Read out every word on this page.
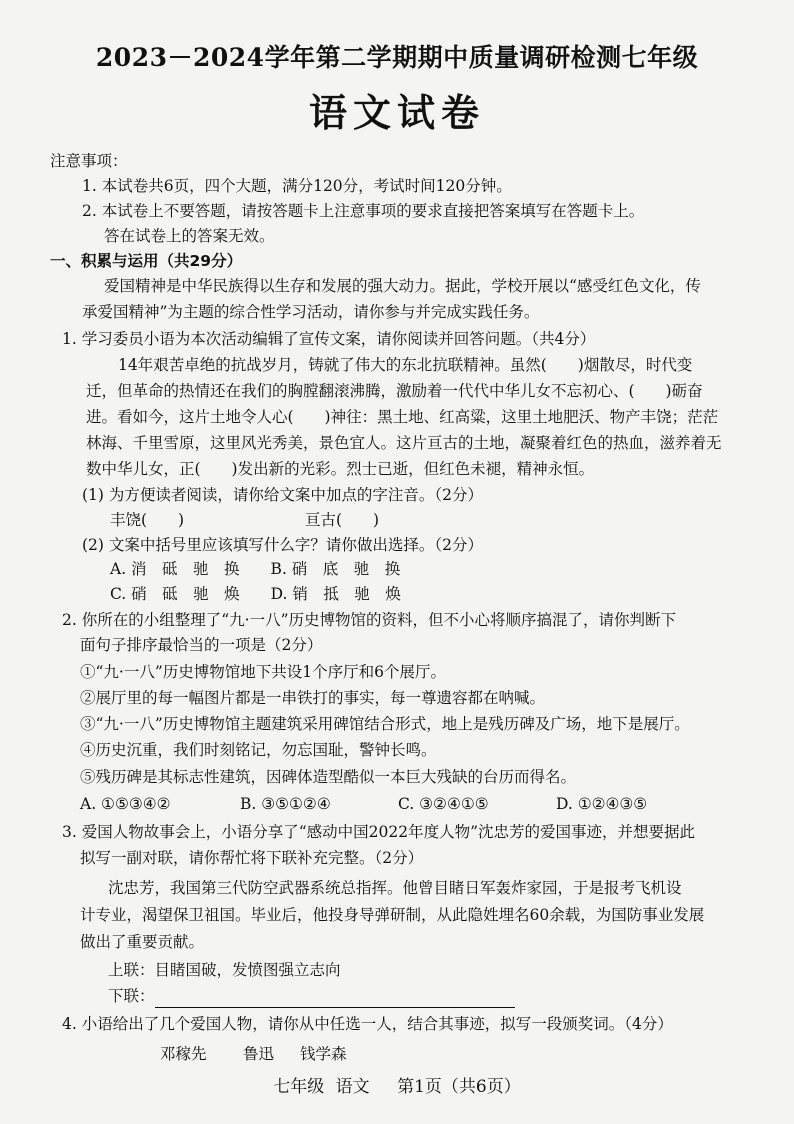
2023－2024学年第二学期期中质量调研检测七年级
语文试卷
注意事项：
1. 本试卷共6页，四个大题，满分120分，考试时间120分钟。
2. 本试卷上不要答题，请按答题卡上注意事项的要求直接把答案填写在答题卡上。
答在试卷上的答案无效。
一、积累与运用（共29分）
爱国精神是中华民族得以生存和发展的强大动力。据此，学校开展以“感受红色文化，传
承爱国精神”为主题的综合性学习活动，请你参与并完成实践任务。
1. 学习委员小语为本次活动编辑了宣传文案，请你阅读并回答问题。（共4分）
14年艰苦卓绝的抗战岁月，铸就了伟大的东北抗联精神。虽然(　　)烟散尽，时代变
迁，但革命的热情还在我们的胸膛翻滚沸腾，激励着一代代中华儿女不忘初心、(　　)砺奋
进。看如今，这片土地令人心(　　)神往：黑土地、红高粱，这里土地肥沃、物产丰饶；茫茫
林海、千里雪原，这里风光秀美，景色宜人。这片亘古的土地，凝聚着红色的热血，滋养着无
数中华儿女，正(　　)发出新的光彩。烈士已逝，但红色未褪，精神永恒。
(1) 为方便读者阅读，请你给文案中加点的字注音。（2分）
丰饶(　　)	亘古(　　)
(2) 文案中括号里应该填写什么字？请你做出选择。（2分）
A. 消　砥　驰　换　　B. 硝　底　驰　换
C. 硝　砥　驰　焕　　D. 销　抵　驰　焕
2. 你所在的小组整理了“九·一八”历史博物馆的资料，但不小心将顺序搞混了，请你判断下
面句子排序最恰当的一项是（2分）
①“九·一八”历史博物馆地下共设1个序厅和6个展厅。
②展厅里的每一幅图片都是一串铁打的事实，每一尊遗容都在呐喊。
③“九·一八”历史博物馆主题建筑采用碑馆结合形式，地上是残历碑及广场，地下是展厅。
④历史沉重，我们时刻铭记，勿忘国耻，警钟长鸣。
⑤残历碑是其标志性建筑，因碑体造型酷似一本巨大残缺的台历而得名。
A. ①⑤③④②	B. ③⑤①②④	C. ③②④①⑤	D. ①②④③⑤
3. 爱国人物故事会上，小语分享了“感动中国2022年度人物”沈忠芳的爱国事迹，并想要据此
拟写一副对联，请你帮忙将下联补充完整。（2分）
沈忠芳，我国第三代防空武器系统总指挥。他曾目睹日军轰炸家园，于是报考飞机设
计专业，渴望保卫祖国。毕业后，他投身导弹研制，从此隐姓埋名60余载，为国防事业发展
做出了重要贡献。
上联：目睹国破，发愤图强立志向
下联：
4. 小语给出了几个爱国人物，请你从中任选一人，结合其事迹，拟写一段颁奖词。（4分）
邓稼先 鲁迅 钱学森
七年级 语文 第1页（共6页）
